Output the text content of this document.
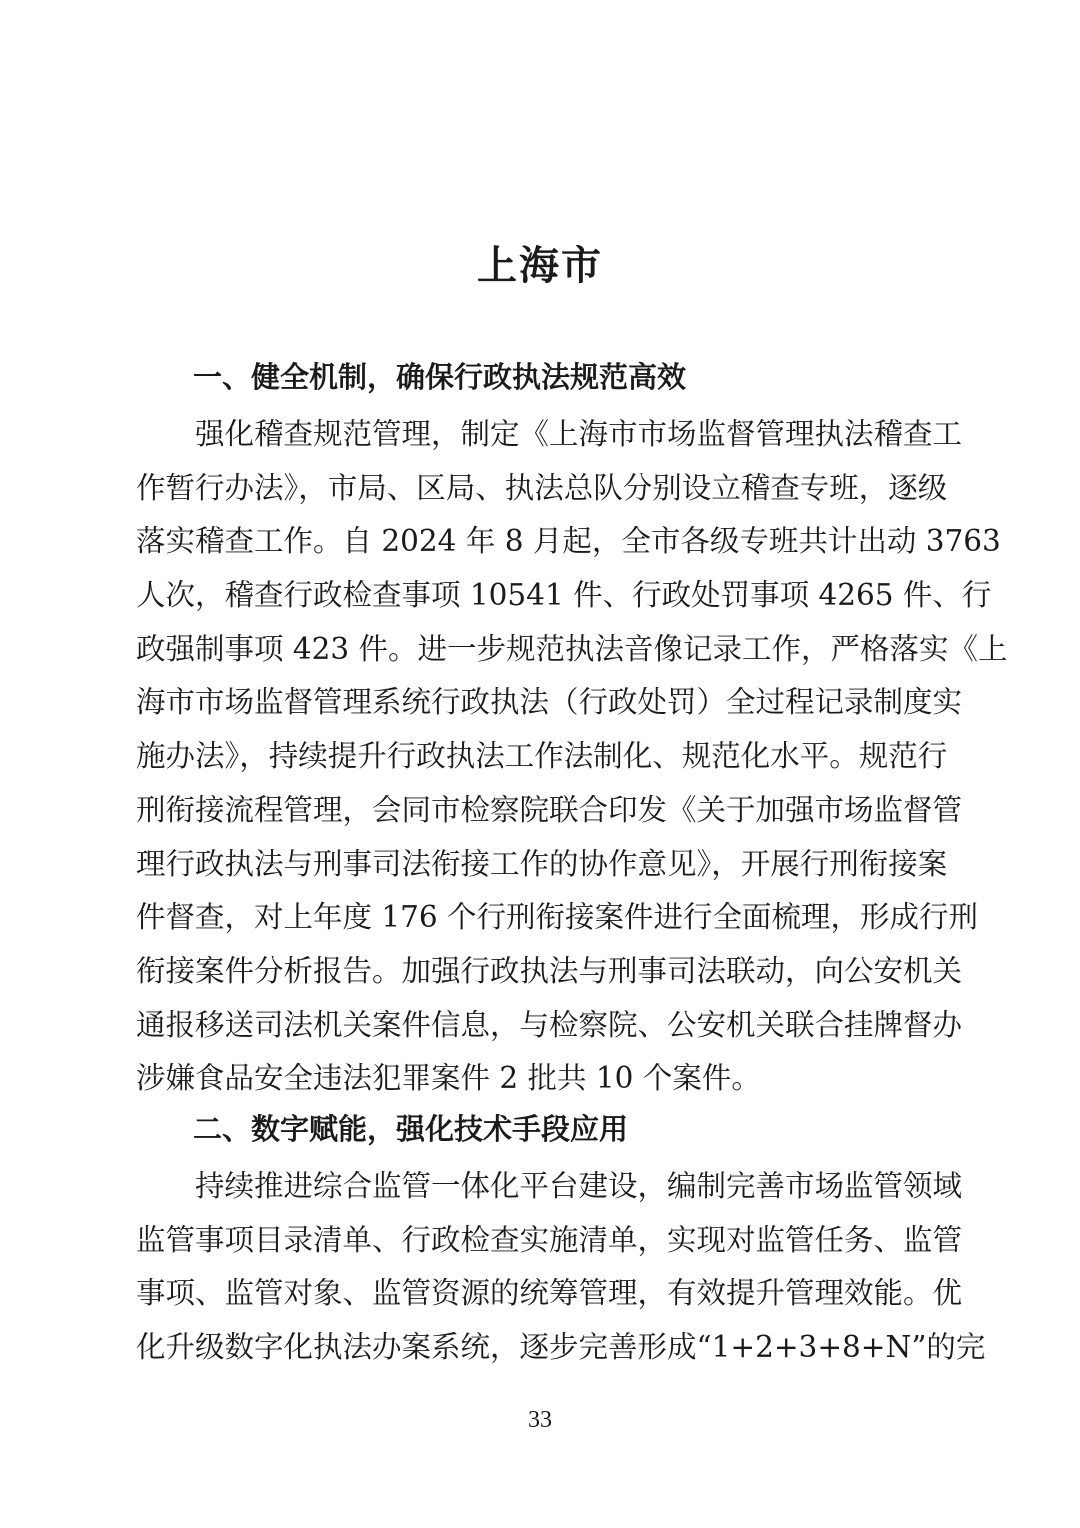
上海市
一、健全机制，确保行政执法规范高效
　　强化稽查规范管理，制定《上海市市场监督管理执法稽查工
作暂行办法》，市局、区局、执法总队分别设立稽查专班，逐级
落实稽查工作。自 2024 年 8 月起，全市各级专班共计出动 3763
人次，稽查行政检查事项 10541 件、行政处罚事项 4265 件、行
政强制事项 423 件。进一步规范执法音像记录工作，严格落实《上
海市市场监督管理系统行政执法（行政处罚）全过程记录制度实
施办法》，持续提升行政执法工作法制化、规范化水平。规范行
刑衔接流程管理，会同市检察院联合印发《关于加强市场监督管
理行政执法与刑事司法衔接工作的协作意见》，开展行刑衔接案
件督查，对上年度 176 个行刑衔接案件进行全面梳理，形成行刑
衔接案件分析报告。加强行政执法与刑事司法联动，向公安机关
通报移送司法机关案件信息，与检察院、公安机关联合挂牌督办
涉嫌食品安全违法犯罪案件 2 批共 10 个案件。
二、数字赋能，强化技术手段应用
　　持续推进综合监管一体化平台建设，编制完善市场监管领域
监管事项目录清单、行政检查实施清单，实现对监管任务、监管
事项、监管对象、监管资源的统筹管理，有效提升管理效能。优
化升级数字化执法办案系统，逐步完善形成“1+2+3+8+N”的完
33
